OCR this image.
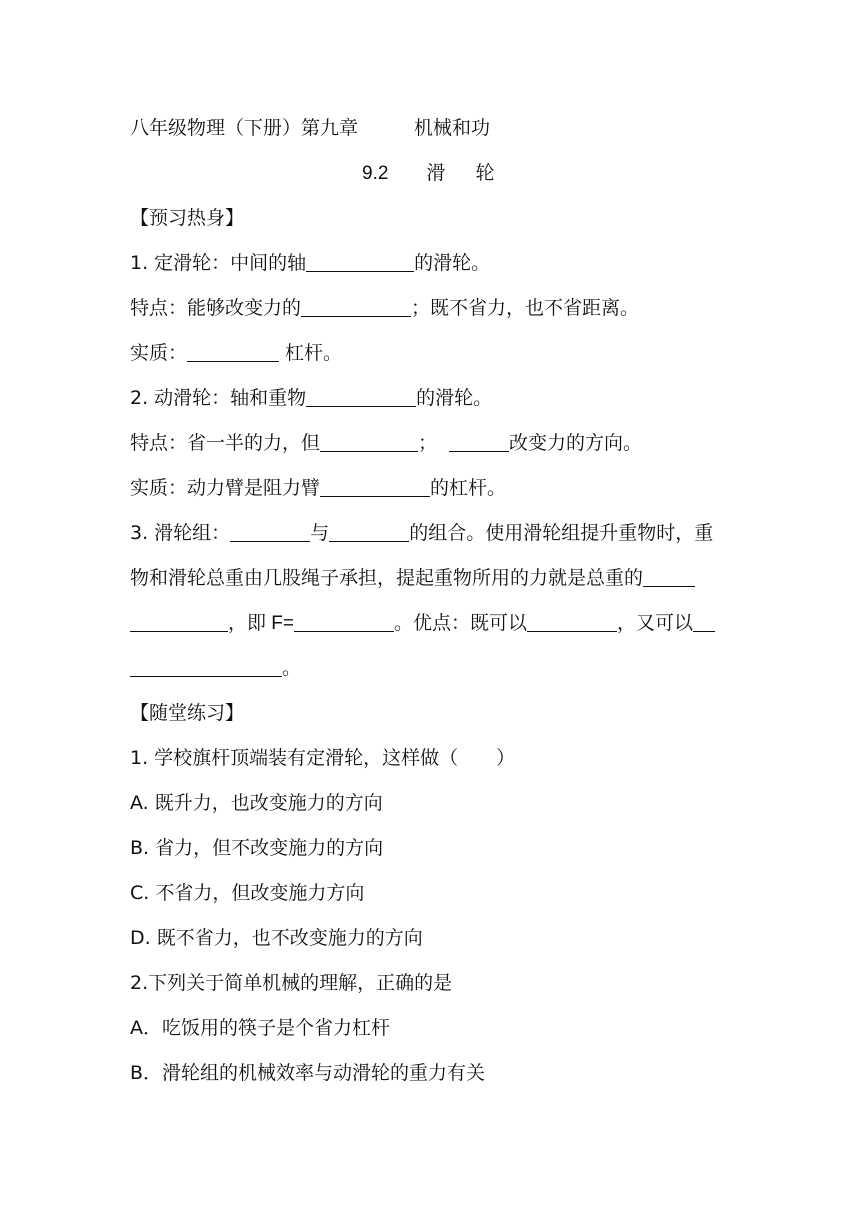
八年级物理（下册）第九章	机械和功
9.2 滑 轮
【预习热身】
1. 定滑轮：中间的轴	的滑轮。
特点：能够改变力的	；既不省力，也不省距离。
实质：	杠杆。
2. 动滑轮：轴和重物	的滑轮。
特点：省一半的力，但	；	改变力的方向。
实质：动力臂是阻力臂	的杠杆。
3. 滑轮组：	与	的组合。使用滑轮组提升重物时，重
物和滑轮总重由几股绳子承担，提起重物所用的力就是总重的
，即 F=	。优点：既可以	，又可以
。
【随堂练习】
1. 学校旗杆顶端装有定滑轮，这样做（　　）
A. 既升力，也改变施力的方向
B. 省力，但不改变施力的方向
C. 不省力，但改变施力方向
D. 既不省力，也不改变施力的方向
2.下列关于简单机械的理解，正确的是
A．吃饭用的筷子是个省力杠杆
B．滑轮组的机械效率与动滑轮的重力有关
